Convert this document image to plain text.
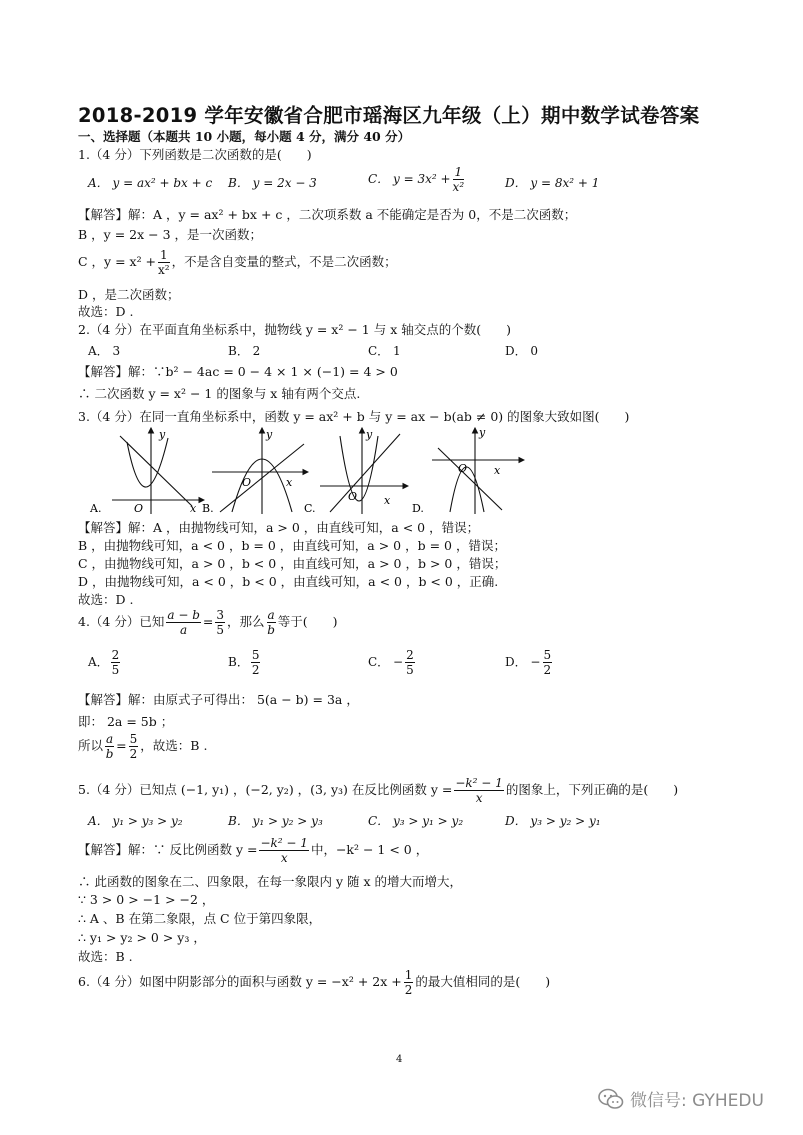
2018-2019 学年安徽省合肥市瑶海区九年级（上）期中数学试卷答案
一、选择题（本题共 10 小题，每小题 4 分，满分 40 分）
1.（4 分）下列函数是二次函数的是(　　)
A． y = ax² + bx + c B． y = 2x − 3	C． $y = 3x^2 + \frac{1}{\text{x²}}$	D． y = 8x² + 1
【解答】解：A ，y = ax² + bx + c ，二次项系数 a 不能确定是否为 0，不是二次函数；
B ，y = 2x − 3 ，是一次函数；
C ，$y = x^2 + \frac{1}{\text{x²}}$ ，不是含自变量的整式，不是二次函数；
D ，是二次函数；
故选：D .
2.（4 分）在平面直角坐标系中，抛物线 y = x² − 1 与 x 轴交点的个数(　　)
A． 3	B． 2	C． 1	D． 0
【解答】解：∵b² − 4ac = 0 − 4 × 1 × (−1) = 4 > 0
∴ 二次函数 y = x² − 1 的图象与 x 轴有两个交点.
3.（4 分）在同一直角坐标系中，函数 y = ax² + b 与 y = ax − b(ab ≠ 0) 的图象大致如图(　　)
A.
y
O	x B.
y
O	x
C.
y
O x
D.
y
O x
【解答】解：A ，由抛物线可知，a > 0 ，由直线可知，a < 0 ，错误；
B ，由抛物线可知，a < 0 ，b = 0 ，由直线可知，a > 0 ，b = 0 ，错误；
C ，由抛物线可知，a > 0 ，b < 0 ，由直线可知，a > 0 ，b > 0 ，错误；
D ，由抛物线可知，a < 0 ，b < 0 ，由直线可知，a < 0 ，b < 0 ，正确.
故选：D .
4.（4 分）已知 $\frac{a - b}{a} = \frac{3}{5}$ ，那么 $\frac{a}{b}$ 等于(　　)
A． $\frac{2}{5}$	B． $\frac{5}{2}$	C． − $\frac{2}{5}$	D． − $\frac{5}{2}$
【解答】解：由原式子可得出： 5(a − b) = 3a ，
即： 2a = 5b ；
所以 $\frac{a}{b} = \frac{5}{2}$ ，故选：B .
5.（4 分）已知点 (−1, y₁) ，(−2, y₂) ，(3, y₃) 在反比例函数 $y = \frac{\text{−k² − 1}}{x}$ 的图象上，下列正确的是(　　)
A． y₁ > y₃ > y₂	B． y₁ > y₂ > y₃	C． y₃ > y₁ > y₂	D． y₃ > y₂ > y₁
【解答】解：∵ 反比例函数 $y = \frac{\text{−k² − 1}}{x}$ 中，−k² − 1 < 0 ，
∴ 此函数的图象在二、四象限，在每一象限内 y 随 x 的增大而增大，
∵ 3 > 0 > −1 > −2 ，
∴ A 、B 在第二象限，点 C 位于第四象限，
∴ y₁ > y₂ > 0 > y₃ ，
故选：B .
6.（4 分）如图中阴影部分的面积与函数 $y = -x^2 + 2x + \frac{1}{2}$ 的最大值相同的是(　　)
4
微信号: GYHEDU
